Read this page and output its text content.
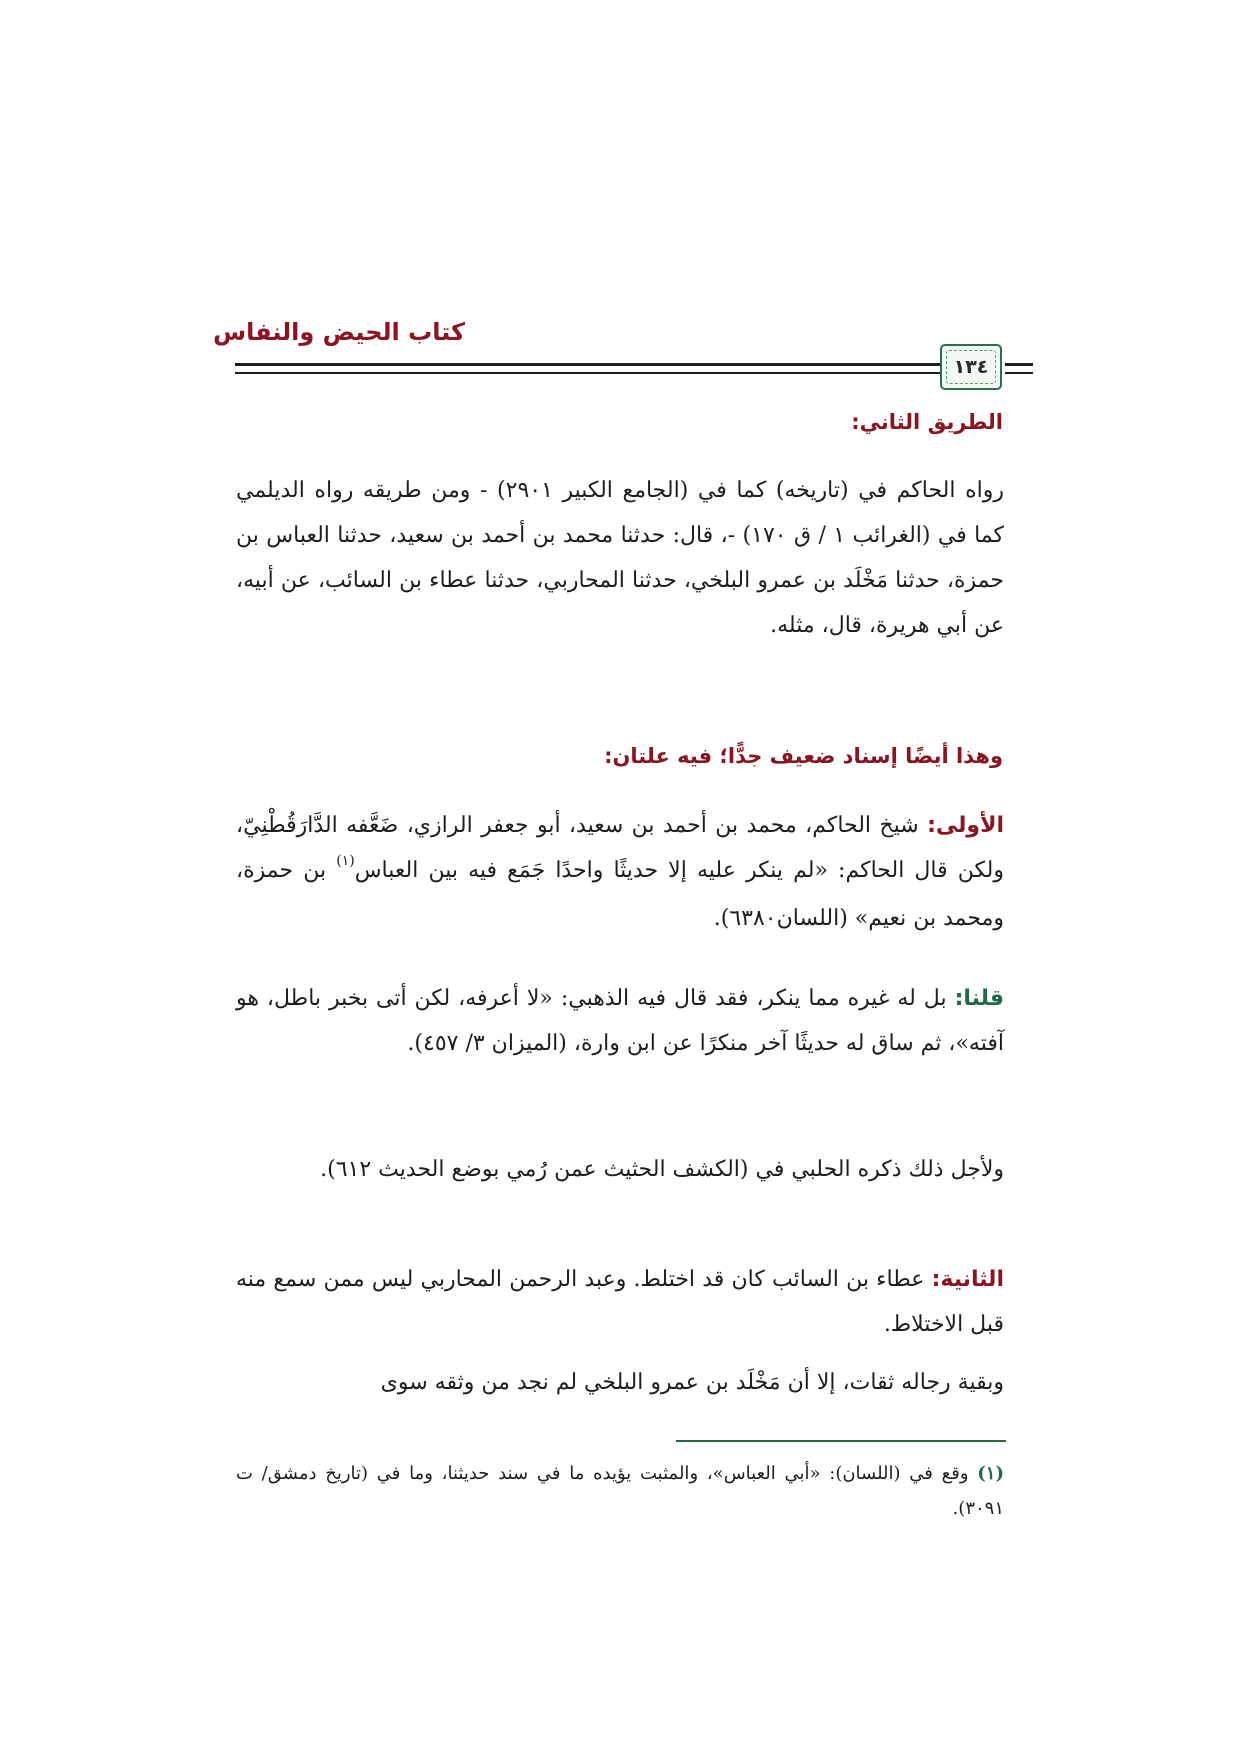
كتاب الحيض والنفاس
١٣٤
الطريق الثاني:
رواه الحاكم في (تاريخه) كما في (الجامع الكبير ٢٩٠١) - ومن طريقه رواه الديلمي كما في (الغرائب ١ / ق ١٧٠) -، قال: حدثنا محمد بن أحمد بن سعيد، حدثنا العباس بن حمزة، حدثنا مَخْلَد بن عمرو البلخي، حدثنا المحاربي، حدثنا عطاء بن السائب، عن أبيه، عن أبي هريرة، قال، مثله.
وهذا أيضًا إسناد ضعيف جدًّا؛ فيه علتان:
الأولى: شيخ الحاكم، محمد بن أحمد بن سعيد، أبو جعفر الرازي، ضَعَّفه الدَّارَقُطْنِيّ، ولكن قال الحاكم: «لم ينكر عليه إلا حديثًا واحدًا جَمَع فيه بين العباس$^{(١)}$ بن حمزة، ومحمد بن نعيم» (اللسان٦٣٨٠).
قلنا: بل له غيره مما ينكر، فقد قال فيه الذهبي: «لا أعرفه، لكن أتى بخبر باطل، هو آفته»، ثم ساق له حديثًا آخر منكرًا عن ابن وارة، (الميزان ٣/ ٤٥٧).
ولأجل ذلك ذكره الحلبي في (الكشف الحثيث عمن رُمي بوضع الحديث ٦١٢).
الثانية: عطاء بن السائب كان قد اختلط. وعبد الرحمن المحاربي ليس ممن سمع منه قبل الاختلاط.
وبقية رجاله ثقات، إلا أن مَخْلَد بن عمرو البلخي لم نجد من وثقه سوى
(١) وقع في (اللسان): «أبي العباس»، والمثبت يؤيده ما في سند حديثنا، وما في (تاريخ دمشق/ ت ٣٠٩١).
